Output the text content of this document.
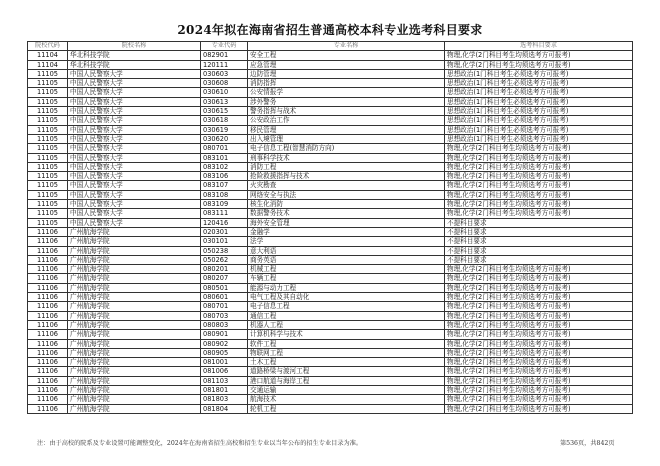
2024年拟在海南省招生普通高校本科专业选考科目要求
院校代码	院校名称	专业代码	专业名称	选考科目要求
11104	华北科技学院	082901	安全工程	物理,化学(2门科目考生均须选考方可报考)
11104	华北科技学院	120111	应急管理	物理,化学(2门科目考生均须选考方可报考)
11105	中国人民警察大学	030603	边防管理	思想政治(1门科目考生必须选考方可报考)
11105	中国人民警察大学	030608	消防指挥	思想政治(1门科目考生必须选考方可报考)
11105	中国人民警察大学	030610	公安情报学	思想政治(1门科目考生必须选考方可报考)
11105	中国人民警察大学	030613	涉外警务	思想政治(1门科目考生必须选考方可报考)
11105	中国人民警察大学	030615	警务指挥与战术	思想政治(1门科目考生必须选考方可报考)
11105	中国人民警察大学	030618	公安政治工作	思想政治(1门科目考生必须选考方可报考)
11105	中国人民警察大学	030619	移民管理	思想政治(1门科目考生必须选考方可报考)
11105	中国人民警察大学	030620	出入境管理	思想政治(1门科目考生必须选考方可报考)
11105	中国人民警察大学	080701	电子信息工程(智慧消防方向)	物理,化学(2门科目考生均须选考方可报考)
11105	中国人民警察大学	083101	刑事科学技术	物理,化学(2门科目考生均须选考方可报考)
11105	中国人民警察大学	083102	消防工程	物理,化学(2门科目考生均须选考方可报考)
11105	中国人民警察大学	083106	抢险救援指挥与技术	物理,化学(2门科目考生均须选考方可报考)
11105	中国人民警察大学	083107	火灾勘查	物理,化学(2门科目考生均须选考方可报考)
11105	中国人民警察大学	083108	网络安全与执法	物理,化学(2门科目考生均须选考方可报考)
11105	中国人民警察大学	083109	核生化消防	物理,化学(2门科目考生均须选考方可报考)
11105	中国人民警察大学	083111	数据警务技术	物理,化学(2门科目考生均须选考方可报考)
11105	中国人民警察大学	120416	海外安全管理	不提科目要求
11106	广州航海学院	020301	金融学	不提科目要求
11106	广州航海学院	030101	法学	不提科目要求
11106	广州航海学院	050238	意大利语	不提科目要求
11106	广州航海学院	050262	商务英语	不提科目要求
11106	广州航海学院	080201	机械工程	物理,化学(2门科目考生均须选考方可报考)
11106	广州航海学院	080207	车辆工程	物理,化学(2门科目考生均须选考方可报考)
11106	广州航海学院	080501	能源与动力工程	物理,化学(2门科目考生均须选考方可报考)
11106	广州航海学院	080601	电气工程及其自动化	物理,化学(2门科目考生均须选考方可报考)
11106	广州航海学院	080701	电子信息工程	物理,化学(2门科目考生均须选考方可报考)
11106	广州航海学院	080703	通信工程	物理,化学(2门科目考生均须选考方可报考)
11106	广州航海学院	080803	机器人工程	物理,化学(2门科目考生均须选考方可报考)
11106	广州航海学院	080901	计算机科学与技术	物理,化学(2门科目考生均须选考方可报考)
11106	广州航海学院	080902	软件工程	物理,化学(2门科目考生均须选考方可报考)
11106	广州航海学院	080905	物联网工程	物理,化学(2门科目考生均须选考方可报考)
11106	广州航海学院	081001	土木工程	物理,化学(2门科目考生均须选考方可报考)
11106	广州航海学院	081006	道路桥梁与渡河工程	物理,化学(2门科目考生均须选考方可报考)
11106	广州航海学院	081103	港口航道与海岸工程	物理,化学(2门科目考生均须选考方可报考)
11106	广州航海学院	081801	交通运输	物理,化学(2门科目考生均须选考方可报考)
11106	广州航海学院	081803	航海技术	物理,化学(2门科目考生均须选考方可报考)
11106	广州航海学院	081804	轮机工程	物理,化学(2门科目考生均须选考方可报考)
注：由于高校的院系及专业设置可能调整变化，2024年在海南省招生高校和招生专业以当年公布的招生专业目录为准。	第536页，共842页
